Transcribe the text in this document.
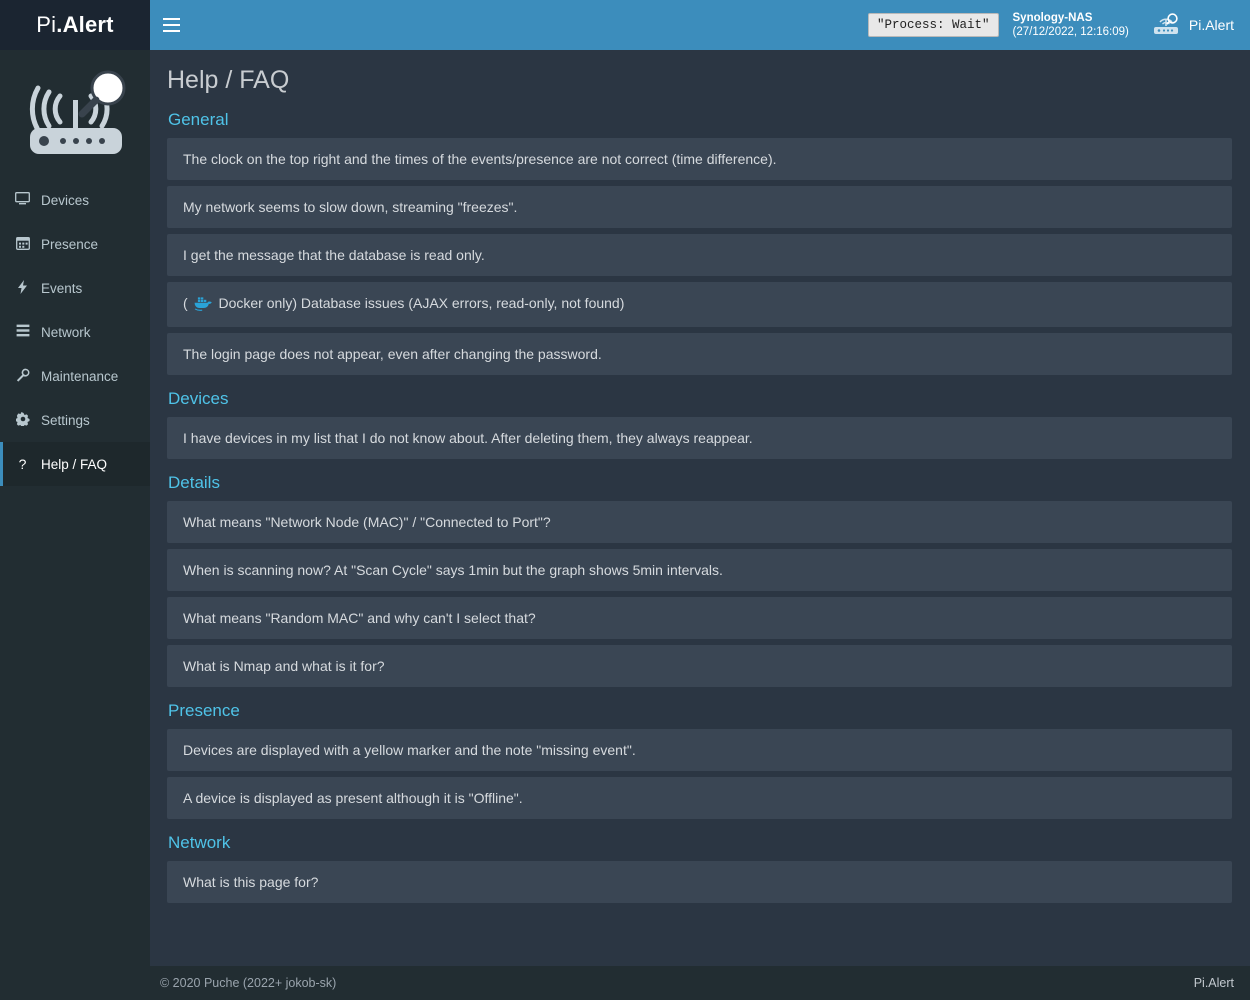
Pi .Alert	"Process: Wait"	Synology-NAS
(27/12/2022, 12:16:09)	Pi.Alert
Devices
Presence
Events
Network
Maintenance
Settings
?	Help / FAQ
Help / FAQ
General
The clock on the top right and the times of the events/presence are not correct (time difference).
My network seems to slow down, streaming "freezes".
I get the message that the database is read only.
( Docker only) Database issues (AJAX errors, read-only, not found)
The login page does not appear, even after changing the password.
Devices
I have devices in my list that I do not know about. After deleting them, they always reappear.
Details
What means "Network Node (MAC)" / "Connected to Port"?
When is scanning now? At "Scan Cycle" says 1min but the graph shows 5min intervals.
What means "Random MAC" and why can't I select that?
What is Nmap and what is it for?
Presence
Devices are displayed with a yellow marker and the note "missing event".
A device is displayed as present although it is "Offline".
Network
What is this page for?
© 2020 Puche (2022+ jokob-sk)	Pi.Alert
